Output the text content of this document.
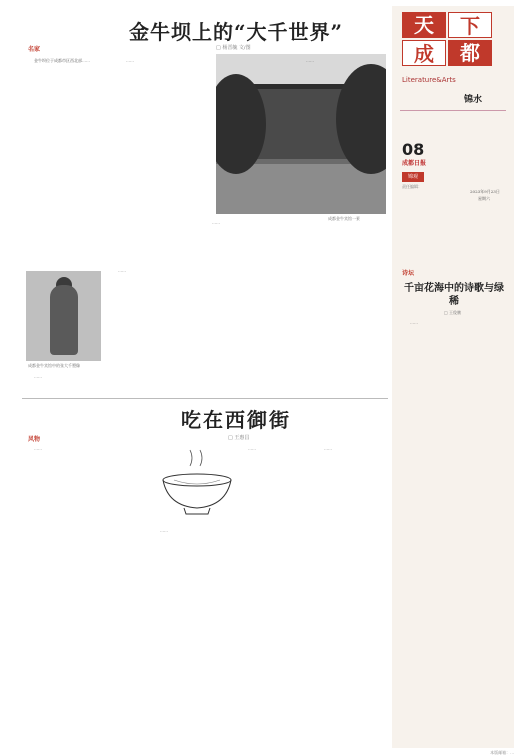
名家
金牛坝上的“大千世界”
□ 杨晋毓 文/图

金牛坝位于成都市区西北部……	……

成都金牛宾馆一景
成都金牛宾馆中的张大千塑像

……

……

……

……

风物
吃在西御街
□ 王惠昌

……

……

……	……

天	下
成	都
Literature&Arts
锦水
08
成都日报
锦观
责任编辑：
2023年9月23日
星期六
诗坛
千亩花海中的诗歌与绿稀
□ 王俊鹏

……

本版邮箱：...
